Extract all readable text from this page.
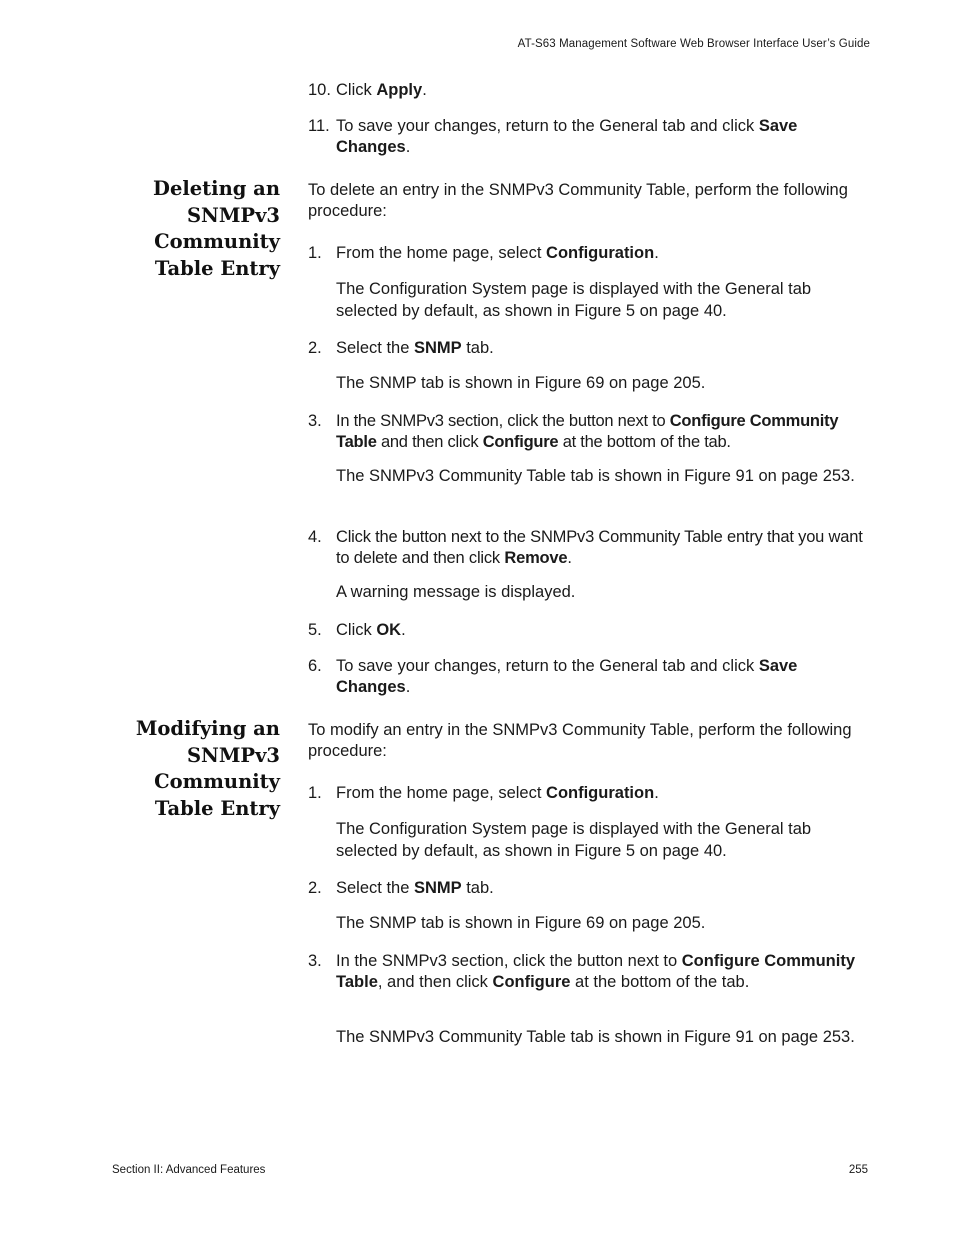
AT-S63 Management Software Web Browser Interface User’s Guide
10. Click Apply.
11. To save your changes, return to the General tab and click Save Changes.
Deleting an
SNMPv3
Community
Table Entry
To delete an entry in the SNMPv3 Community Table, perform the following procedure:
1. From the home page, select Configuration.
The Configuration System page is displayed with the General tab selected by default, as shown in Figure 5 on page 40.
2. Select the SNMP tab.
The SNMP tab is shown in Figure 69 on page 205.
3. In the SNMPv3 section, click the button next to Configure Community Table and then click Configure at the bottom of the tab.
The SNMPv3 Community Table tab is shown in Figure 91 on page 253.
4. Click the button next to the SNMPv3 Community Table entry that you want to delete and then click Remove.
A warning message is displayed.
5. Click OK.
6. To save your changes, return to the General tab and click Save Changes.
Modifying an
SNMPv3
Community
Table Entry
To modify an entry in the SNMPv3 Community Table, perform the following procedure:
1. From the home page, select Configuration.
The Configuration System page is displayed with the General tab selected by default, as shown in Figure 5 on page 40.
2. Select the SNMP tab.
The SNMP tab is shown in Figure 69 on page 205.
3. In the SNMPv3 section, click the button next to Configure Community Table, and then click Configure at the bottom of the tab.
The SNMPv3 Community Table tab is shown in Figure 91 on page 253.
Section II: Advanced Features	255
